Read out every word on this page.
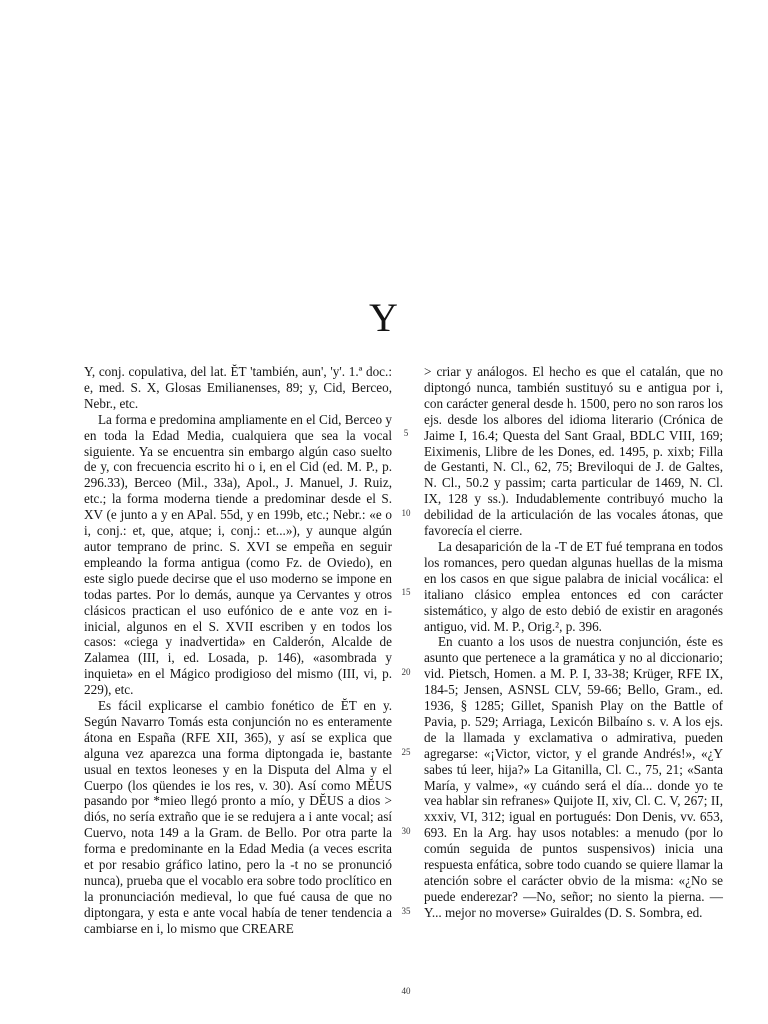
Y

Y, conj. copulativa, del lat. ĔT 'también, aun', 'y'. 1.ª doc.: e, med. S. X, Glosas Emilianenses, 89; y, Cid, Berceo, Nebr., etc.

La forma e predomina ampliamente en el Cid, Berceo y en toda la Edad Media, cualquiera que sea la vocal siguiente. Ya se encuentra sin embargo algún caso suelto de y, con frecuencia escrito hi o i, en el Cid (ed. M. P., p. 296.33), Berceo (Mil., 33a), Apol., J. Manuel, J. Ruiz, etc.; la forma moderna tiende a predominar desde el S. XV (e junto a y en APal. 55d, y en 199b, etc.; Nebr.: «e o i, conj.: et, que, atque; i, conj.: et...»), y aunque algún autor temprano de princ. S. XVI se empeña en seguir empleando la forma antigua (como Fz. de Oviedo), en este siglo puede decirse que el uso moderno se impone en todas partes. Por lo demás, aunque ya Cervantes y otros clásicos practican el uso eufónico de e ante voz en i- inicial, algunos en el S. XVII escriben y en todos los casos: «ciega y inadvertida» en Calderón, Alcalde de Zalamea (III, i, ed. Losada, p. 146), «asombrada y inquieta» en el Mágico prodigioso del mismo (III, vi, p. 229), etc.

Es fácil explicarse el cambio fonético de ĔT en y. Según Navarro Tomás esta conjunción no es enteramente átona en España (RFE XII, 365), y así se explica que alguna vez aparezca una forma diptongada ie, bastante usual en textos leoneses y en la Disputa del Alma y el Cuerpo (los qüendes ie los res, v. 30). Así como MĔUS pasando por *mieo llegó pronto a mío, y DĔUS a dios > diós, no sería extraño que ie se redujera a i ante vocal; así Cuervo, nota 149 a la Gram. de Bello. Por otra parte la forma e predominante en la Edad Media (a veces escrita et por resabio gráfico latino, pero la -t no se pronunció nunca), prueba que el vocablo era sobre todo proclítico en la pronunciación medieval, lo que fué causa de que no diptongara, y esta e ante vocal había de tener tendencia a cambiarse en i, lo mismo que CREARE

5
10
15
20
25
30
35
40

> criar y análogos. El hecho es que el catalán, que no diptongó nunca, también sustituyó su e antigua por i, con carácter general desde h. 1500, pero no son raros los ejs. desde los albores del idioma literario (Crónica de Jaime I, 16.4; Questa del Sant Graal, BDLC VIII, 169; Eiximenis, Llibre de les Dones, ed. 1495, p. xixb; Filla de Gestanti, N. Cl., 62, 75; Breviloqui de J. de Galtes, N. Cl., 50.2 y passim; carta particular de 1469, N. Cl. IX, 128 y ss.). Indudablemente contribuyó mucho la debilidad de la articulación de las vocales átonas, que favorecía el cierre.

La desaparición de la -T de ET fué temprana en todos los romances, pero quedan algunas huellas de la misma en los casos en que sigue palabra de inicial vocálica: el italiano clásico emplea entonces ed con carácter sistemático, y algo de esto debió de existir en aragonés antiguo, vid. M. P., Orig.², p. 396.

En cuanto a los usos de nuestra conjunción, éste es asunto que pertenece a la gramática y no al diccionario; vid. Pietsch, Homen. a M. P. I, 33-38; Krüger, RFE IX, 184-5; Jensen, ASNSL CLV, 59-66; Bello, Gram., ed. 1936, § 1285; Gillet, Spanish Play on the Battle of Pavia, p. 529; Arriaga, Lexicón Bilbaíno s. v. A los ejs. de la llamada y exclamativa o admirativa, pueden agregarse: «¡Victor, victor, y el grande Andrés!», «¿Y sabes tú leer, hija?» La Gitanilla, Cl. C., 75, 21; «Santa María, y valme», «y cuándo será el día... donde yo te vea hablar sin refranes» Quijote II, xiv, Cl. C. V, 267; II, xxxiv, VI, 312; igual en portugués: Don Denis, vv. 653, 693. En la Arg. hay usos notables: a menudo (por lo común seguida de puntos suspensivos) inicia una respuesta enfática, sobre todo cuando se quiere llamar la atención sobre el carácter obvio de la misma: «¿No se puede enderezar? —No, señor; no siento la pierna. —Y... mejor no moverse» Guiraldes (D. S. Sombra, ed.
